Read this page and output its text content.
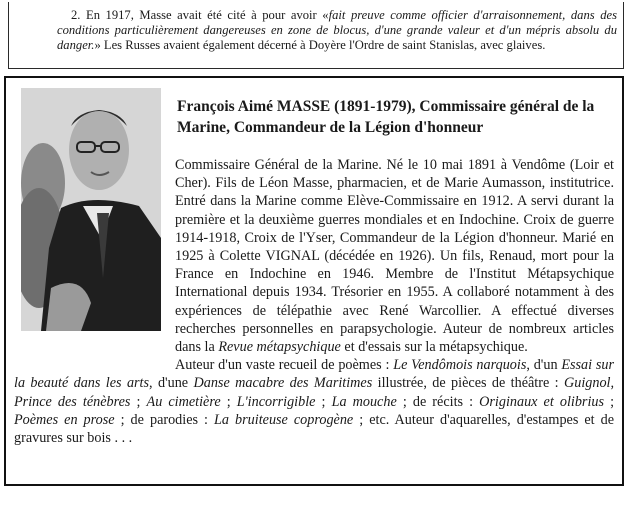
2. En 1917, Masse avait été cité à pour avoir «fait preuve comme officier d'arraisonnement, dans des conditions particulièrement dangereuses en zone de blocus, d'une grande valeur et d'un mépris absolu du danger.» Les Russes avaient également décerné à Doyère l'Ordre de saint Stanislas, avec glaives.
François Aimé MASSE (1891-1979), Commissaire général de la Marine, Commandeur de la Légion d'honneur

Commissaire Général de la Marine. Né le 10 mai 1891 à Vendôme (Loir et Cher). Fils de Léon Masse, pharmacien, et de Marie Aumasson, institutrice. Entré dans la Marine comme Elève-Commissaire en 1912. A servi durant la première et la deuxième guerres mondiales et en Indochine. Croix de guerre 1914-1918, Croix de l'Yser, Commandeur de la Légion d'honneur. Marié en 1925 à Colette VIGNAL (décédée en 1926). Un fils, Renaud, mort pour la France en Indochine en 1946. Membre de l'Institut Métapsychique International depuis 1934. Trésorier en 1955. A collaboré notamment à des expériences de télépathie avec René Warcollier. A effectué diverses recherches personnelles en parapsychologie. Auteur de nombreux articles dans la Revue métapsychique et d'essais sur la métapsychique.

Auteur d'un vaste recueil de poèmes : Le Vendômois narquois, d'un Essai sur la beauté dans les arts, d'une Danse macabre des Maritimes illustrée, de pièces de théâtre : Guignol, Prince des ténèbres ; Au cimetière ; L'incorrigible ; La mouche ; de récits : Originaux et olibrius ; Poèmes en prose ; de parodies : La bruiteuse coprogène ; etc. Auteur d'aquarelles, d'estampes et de gravures sur bois . . .
